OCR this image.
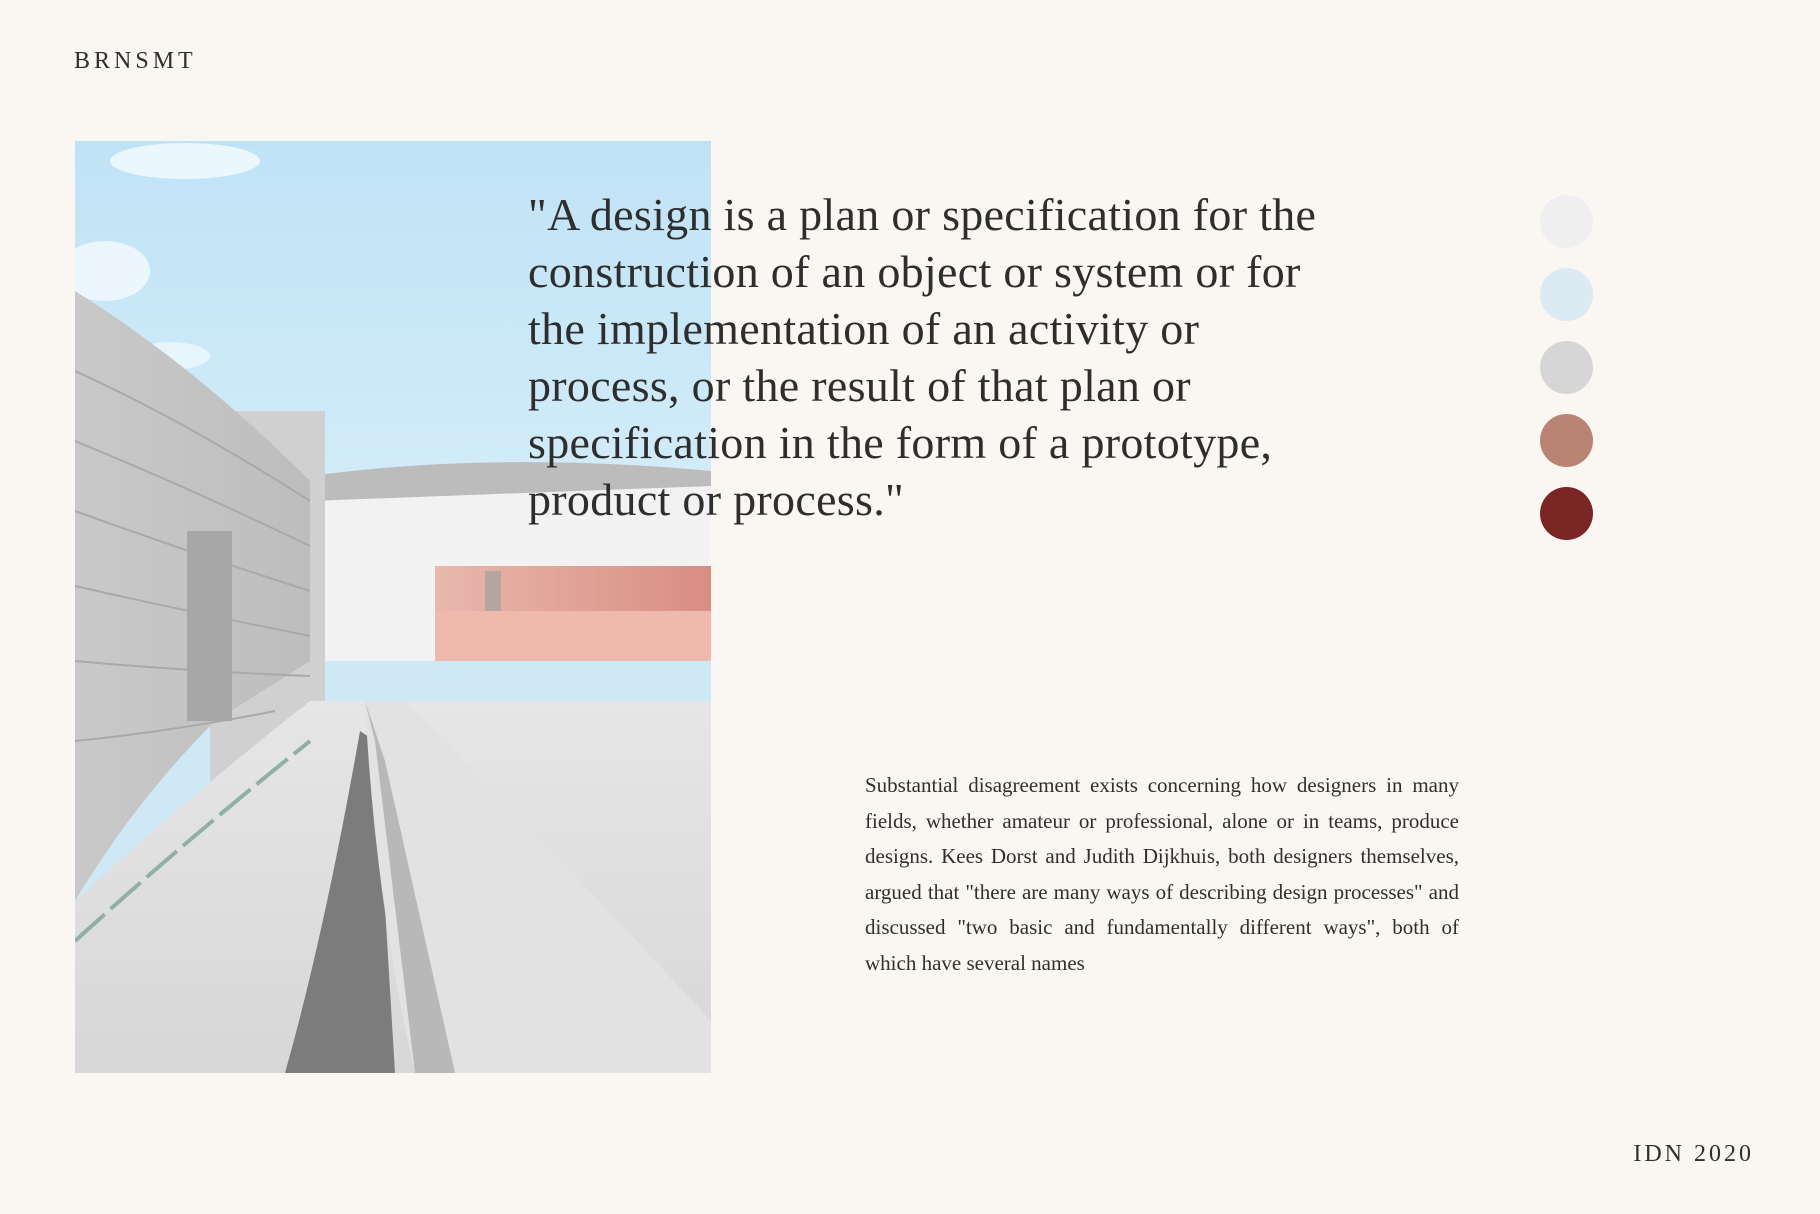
BRNSMT

"A design is a plan or specification for the construction of an object or system or for the implementation of an activity or process, or the result of that plan or specification in the form of a prototype, product or process."

Substantial disagreement exists concerning how designers in many fields, whether amateur or professional, alone or in teams, produce designs. Kees Dorst and Judith Dijkhuis, both designers themselves, argued that "there are many ways of describing design processes" and discussed "two basic and fundamentally different ways", both of which have several names

IDN 2020
